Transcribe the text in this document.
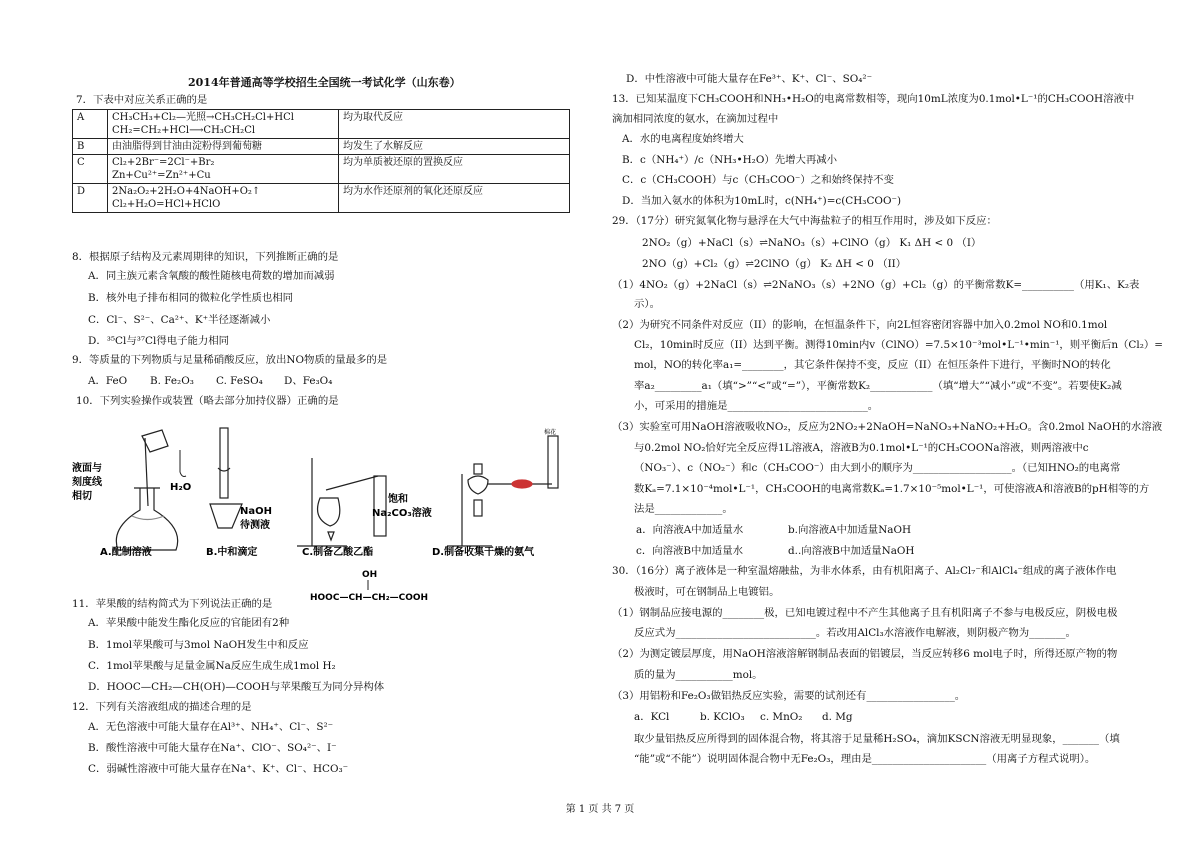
2014年普通高等学校招生全国统一考试化学（山东卷）
7．下表中对应关系正确的是
A	CH₃CH₃+Cl₂—光照→CH₃CH₂Cl+HCl
CH₂=CH₂+HCl⟶CH₃CH₂Cl	均为取代反应
B	由油脂得到甘油由淀粉得到葡萄糖	均发生了水解反应
C	Cl₂+2Br⁻=2Cl⁻+Br₂
Zn+Cu²⁺=Zn²⁺+Cu	均为单质被还原的置换反应
D	2Na₂O₂+2H₂O+4NaOH+O₂↑
Cl₂+H₂O=HCl+HClO	均为水作还原剂的氧化还原反应
8．根据原子结构及元素周期律的知识，下列推断正确的是
A．同主族元素含氧酸的酸性随核电荷数的增加而减弱
B．核外电子排布相同的微粒化学性质也相同
C．Cl⁻、S²⁻、Ca²⁺、K⁺半径逐渐减小
D．³⁵Cl与³⁷Cl得电子能力相同
9．等质量的下列物质与足量稀硝酸反应，放出NO物质的量最多的是
A．FeO B. Fe₂O₃ C. FeSO₄ D、Fe₃O₄
10．下列实验操作或装置（略去部分加持仪器）正确的是
液面与
刻度线
相切
H₂O
A.配制溶液
NaOH
待测液
B.中和滴定
饱和
Na₂CO₃溶液
C.制备乙酸乙酯
棉花
D.制备收集干燥的氨气
OH
HOOC—CH—CH₂—COOH
11．苹果酸的结构简式为下列说法正确的是
A．苹果酸中能发生酯化反应的官能团有2种
B．1mol苹果酸可与3mol NaOH发生中和反应
C．1mol苹果酸与足量金属Na反应生成生成1mol H₂
D．HOOC—CH₂—CH(OH)—COOH与苹果酸互为同分异构体
12．下列有关溶液组成的描述合理的是
A．无色溶液中可能大量存在Al³⁺、NH₄⁺、Cl⁻、S²⁻
B．酸性溶液中可能大量存在Na⁺、ClO⁻、SO₄²⁻、I⁻
C．弱碱性溶液中可能大量存在Na⁺、K⁺、Cl⁻、HCO₃⁻
D．中性溶液中可能大量存在Fe³⁺、K⁺、Cl⁻、SO₄²⁻
13．已知某温度下CH₃COOH和NH₃•H₂O的电离常数相等，现向10mL浓度为0.1mol•L⁻¹的CH₃COOH溶液中
滴加相同浓度的氨水，在滴加过程中
A．水的电离程度始终增大
B．c（NH₄⁺）/c（NH₃•H₂O）先增大再减小
C．c（CH₃COOH）与c（CH₃COO⁻）之和始终保持不变
D．当加入氨水的体积为10mL时，c(NH₄⁺)=c(CH₃COO⁻)
29．（17分）研究氮氧化物与悬浮在大气中海盐粒子的相互作用时，涉及如下反应：
2NO₂（g）+NaCl（s）⇌NaNO₃（s）+ClNO（g） K₁ ΔH < 0 （I）
2NO（g）+Cl₂（g）⇌2ClNO（g） K₂ ΔH < 0 （II）
（1）4NO₂（g）+2NaCl（s）⇌2NaNO₃（s）+2NO（g）+Cl₂（g）的平衡常数K=__________（用K₁、K₂表
示）。
（2）为研究不同条件对反应（II）的影响，在恒温条件下，向2L恒容密闭容器中加入0.2mol NO和0.1mol
Cl₂，10min时反应（II）达到平衡。测得10min内v（ClNO）=7.5×10⁻³mol•L⁻¹•min⁻¹，则平衡后n（Cl₂）=
mol，NO的转化率a₁=________，其它条件保持不变，反应（II）在恒压条件下进行，平衡时NO的转化
率a₂_________a₁（填“>”“<”或“=”），平衡常数K₂____________（填“增大”“减小”或“不变”。若要使K₂减
小，可采用的措施是___________________________。
（3）实验室可用NaOH溶液吸收NO₂，反应为2NO₂+2NaOH=NaNO₃+NaNO₂+H₂O。含0.2mol NaOH的水溶液
与0.2mol NO₂恰好完全反应得1L溶液A，溶液B为0.1mol•L⁻¹的CH₃COONa溶液，则两溶液中c
（NO₃⁻）、c（NO₂⁻）和c（CH₃COO⁻）由大到小的顺序为___________________。（已知HNO₂的电离常
数Kₐ=7.1×10⁻⁴mol•L⁻¹，CH₃COOH的电离常数Kₐ=1.7×10⁻⁵mol•L⁻¹，可使溶液A和溶液B的pH相等的方
法是_____________。
a．向溶液A中加适量水	b.向溶液A中加适量NaOH
c．向溶液B中加适量水	d..向溶液B中加适量NaOH
30．（16分）离子液体是一种室温熔融盐，为非水体系，由有机阳离子、Al₂Cl₇⁻和AlCl₄⁻组成的离子液体作电
极液时，可在钢制品上电镀铝。
（1）钢制品应接电源的________极，已知电镀过程中不产生其他离子且有机阳离子不参与电极反应，阴极电极
反应式为___________________________。若改用AlCl₃水溶液作电解液，则阴极产物为_______。
（2）为测定镀层厚度，用NaOH溶液溶解钢制品表面的铝镀层，当反应转移6 mol电子时，所得还原产物的物
质的量为___________mol。
（3）用铝粉和Fe₂O₃做铝热反应实验，需要的试剂还有_________________。
a．KCl	b. KClO₃ c. MnO₂ d. Mg
取少量铝热反应所得到的固体混合物，将其溶于足量稀H₂SO₄，滴加KSCN溶液无明显现象，_______（填
“能”或“不能”）说明固体混合物中无Fe₂O₃，理由是______________________（用离子方程式说明）。
第 1 页 共 7 页
